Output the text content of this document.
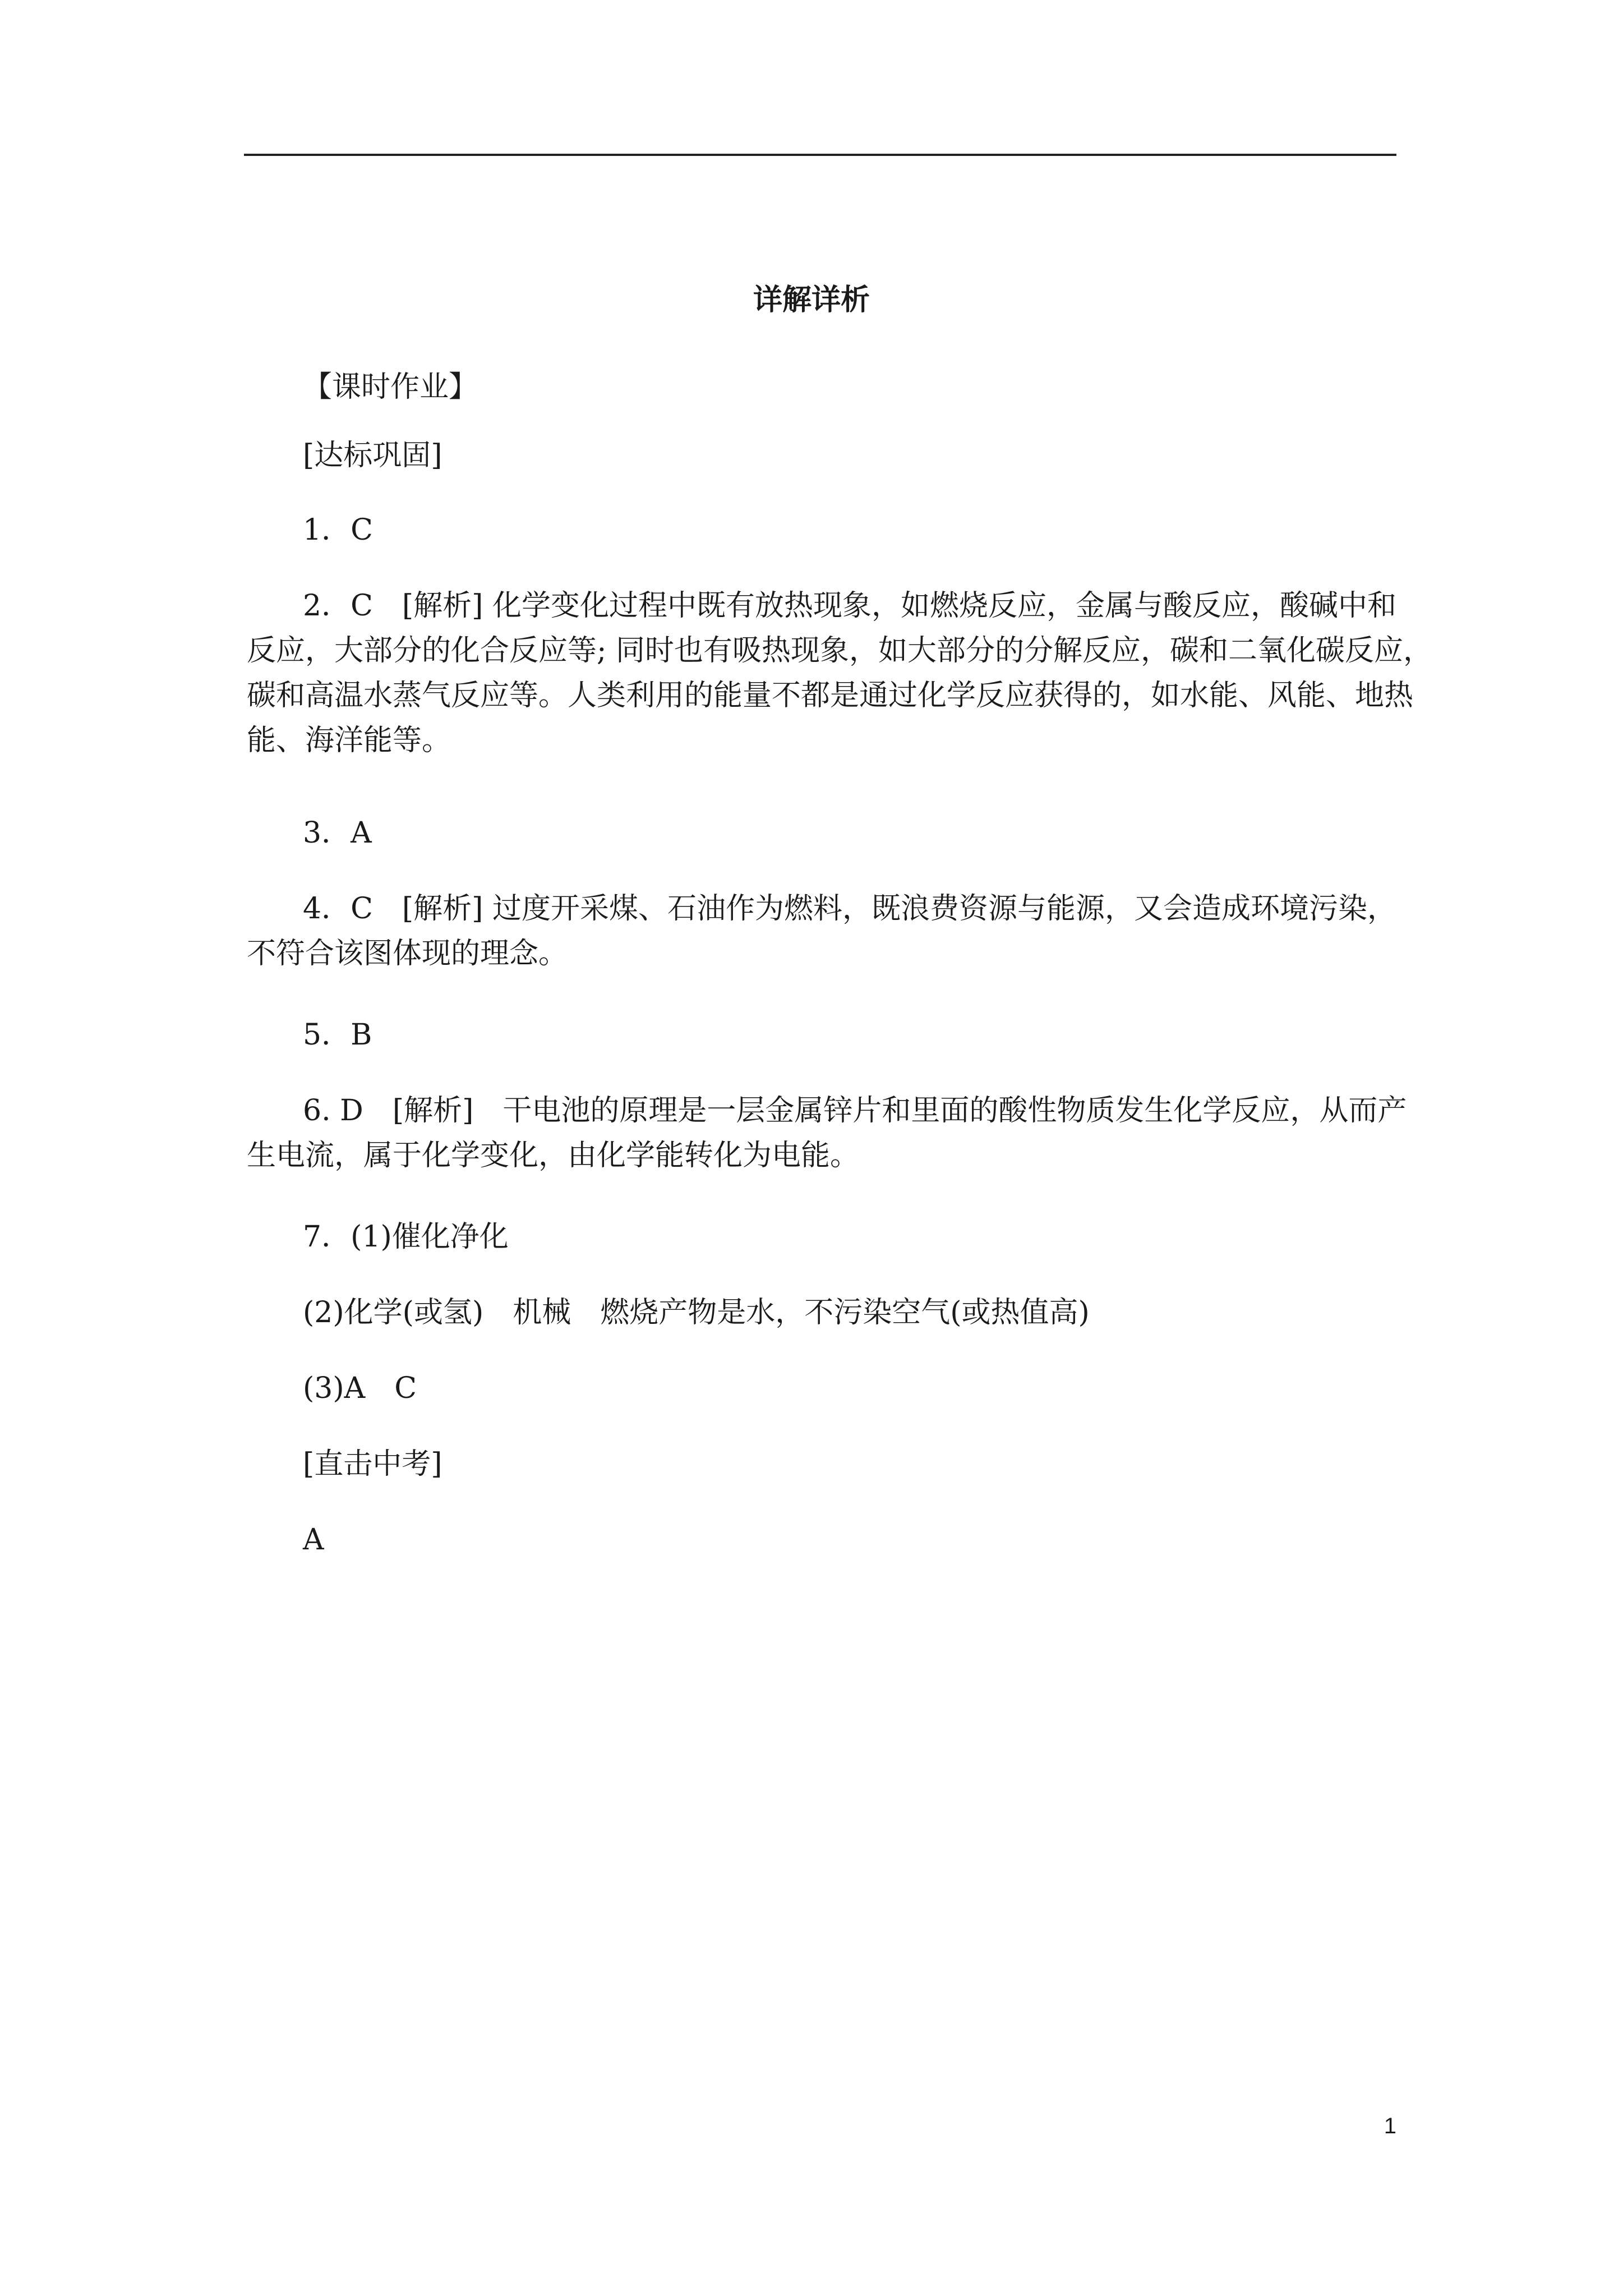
详解详析
【课时作业】
[达标巩固]
1．C
2．C　[解析] 化学变化过程中既有放热现象，如燃烧反应，金属与酸反应，酸碱中和
反应，大部分的化合反应等; 同时也有吸热现象，如大部分的分解反应，碳和二氧化碳反应，
碳和高温水蒸气反应等。人类利用的能量不都是通过化学反应获得的，如水能、风能、地热
能、海洋能等。
3．A
4．C　[解析] 过度开采煤、石油作为燃料，既浪费资源与能源，又会造成环境污染，
不符合该图体现的理念。
5．B
6. D　[解析]　干电池的原理是一层金属锌片和里面的酸性物质发生化学反应，从而产
生电流，属于化学变化，由化学能转化为电能。
7．(1)催化净化
(2)化学(或氢)　机械　燃烧产物是水，不污染空气(或热值高)
(3)A　C
[直击中考]
A
1
